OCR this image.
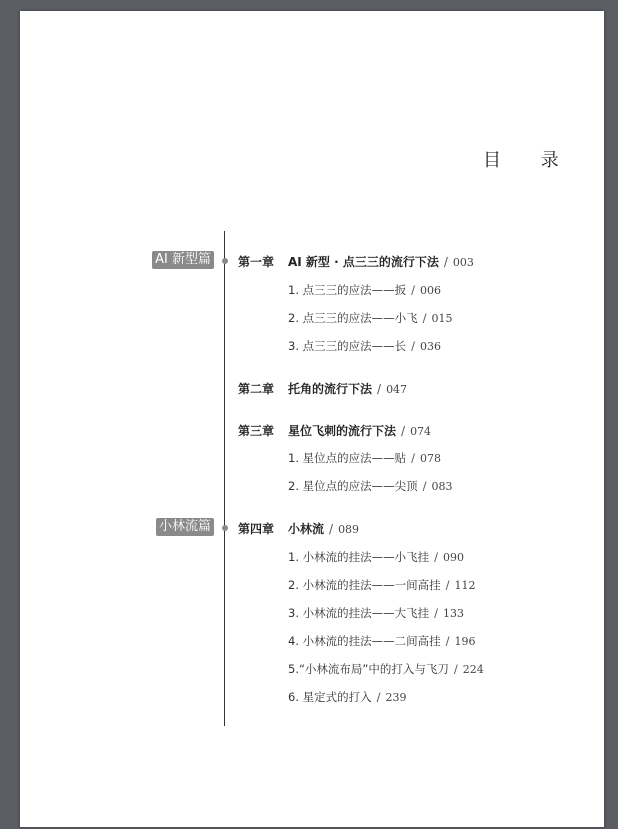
目 录
AI 新型篇
小林流篇
第一章 AI 新型 · 点三三的流行下法 / 003
1. 点三三的应法——扳 / 006
2. 点三三的应法——小飞 / 015
3. 点三三的应法——长 / 036
第二章 托角的流行下法 / 047
第三章 星位飞刺的流行下法 / 074
1. 星位点的应法——贴 / 078
2. 星位点的应法——尖顶 / 083
第四章 小林流 / 089
1. 小林流的挂法——小飞挂 / 090
2. 小林流的挂法——一间高挂 / 112
3. 小林流的挂法——大飞挂 / 133
4. 小林流的挂法——二间高挂 / 196
5.“小林流布局”中的打入与飞刀 / 224
6. 星定式的打入 / 239
